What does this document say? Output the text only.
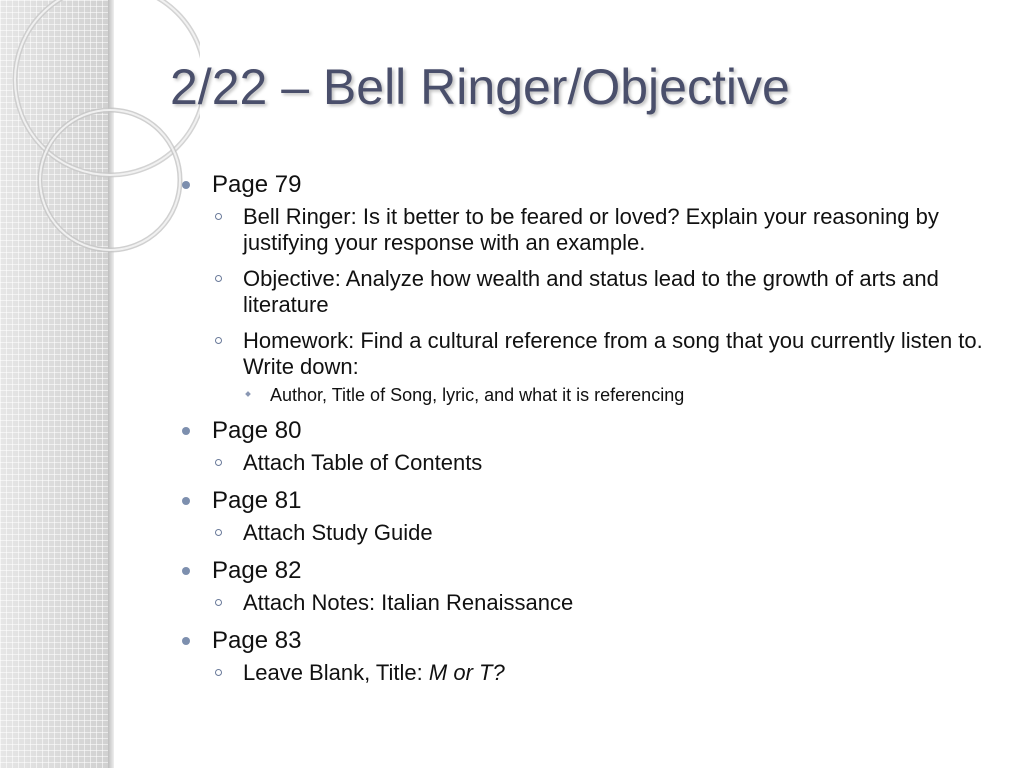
2/22 – Bell Ringer/Objective
Page 79
Bell Ringer: Is it better to be feared or loved? Explain your reasoning by justifying your response with an example.
Objective: Analyze how wealth and status lead to the growth of arts and literature
Homework: Find a cultural reference from a song that you currently listen to. Write down:
Author, Title of Song, lyric, and what it is referencing
Page 80
Attach Table of Contents
Page 81
Attach Study Guide
Page 82
Attach Notes: Italian Renaissance
Page 83
Leave Blank, Title: M or T?
